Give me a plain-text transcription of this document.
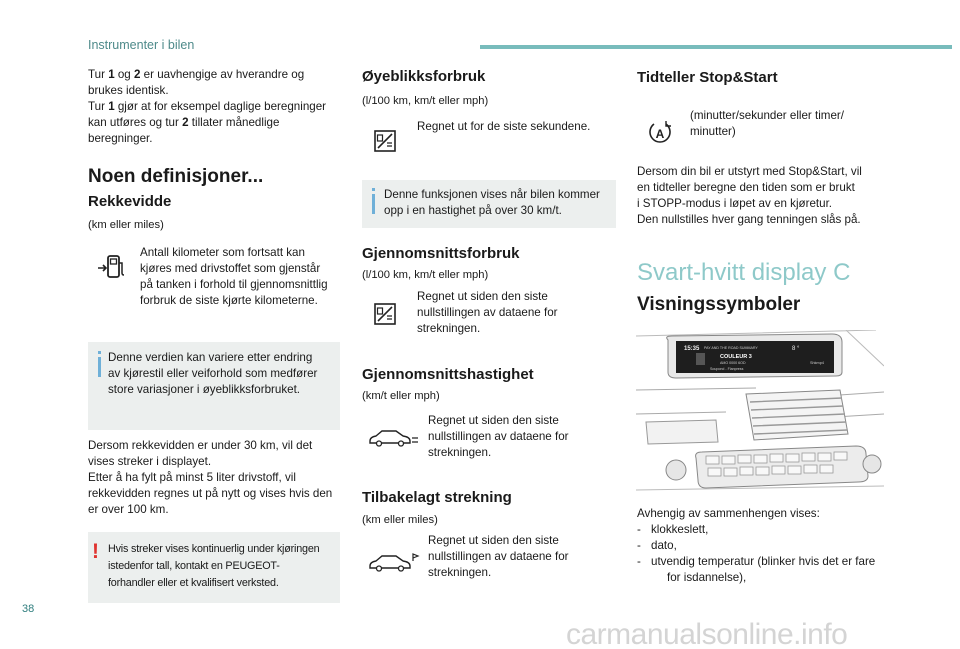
Instrumenter i bilen
Tur 1 og 2 er uavhengige av hverandre og
brukes identisk.
Tur 1 gjør at for eksempel daglige beregninger
kan utføres og tur 2 tillater månedlige
beregninger.
Noen definisjoner...
Rekkevidde
(km eller miles)
Antall kilometer som fortsatt kan
kjøres med drivstoffet som gjenstår
på tanken i forhold til gjennomsnittlig
forbruk de siste kjørte kilometerne.
Denne verdien kan variere etter endring
av kjørestil eller veiforhold som medfører
store variasjoner i øyeblikksforbruket.
Dersom rekkevidden er under 30 km, vil det
vises streker i displayet.
Etter å ha fylt på minst 5 liter drivstoff, vil
rekkevidden regnes ut på nytt og vises hvis den
er over 100 km.
! Hvis streker vises kontinuerlig under kjøringen
istedenfor tall, kontakt en PEUGEOT-
forhandler eller et kvalifisert verksted.
Øyeblikksforbruk
(l/100 km, km/t eller mph)
Regnet ut for de siste sekundene.
Denne funksjonen vises når bilen kommer
opp i en hastighet på over 30 km/t.
Gjennomsnittsforbruk
(l/100 km, km/t eller mph)
Regnet ut siden den siste
nullstillingen av dataene for
strekningen.
Gjennomsnittshastighet
(km/t eller mph)
Regnet ut siden den siste
nullstillingen av dataene for
strekningen.
Tilbakelagt strekning
(km eller miles)
Regnet ut siden den siste
nullstillingen av dataene for
strekningen.
Tidteller Stop&Start
A
(minutter/sekunder eller timer/
minutter)
Dersom din bil er utstyrt med Stop&Start, vil
en tidteller beregne den tiden som er brukt
i STOPP-modus i løpet av en kjøretur.
Den nullstilles hver gang tenningen slås på.
Svart-hvitt display C
Visningssymboler
15:35 PAY AND THE ROAD SUMMARY	8 °
COULEUR 3
AMO 0000 6OD
Soupond - Flanpress
Shkmp4
Avhengig av sammenhengen vises:
- klokkeslett,
- dato,
- utvendig temperatur (blinker hvis det er fare
for isdannelse),
38
carmanualsonline.info
